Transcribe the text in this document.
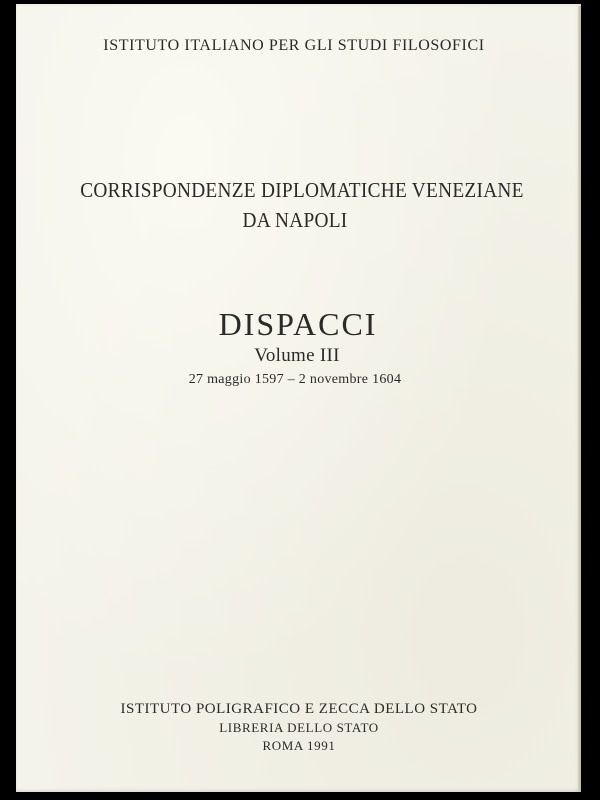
ISTITUTO ITALIANO PER GLI STUDI FILOSOFICI
CORRISPONDENZE DIPLOMATICHE VENEZIANE
DA NAPOLI
DISPACCI
Volume III
27 maggio 1597 – 2 novembre 1604
ISTITUTO POLIGRAFICO E ZECCA DELLO STATO
LIBRERIA DELLO STATO
ROMA 1991
